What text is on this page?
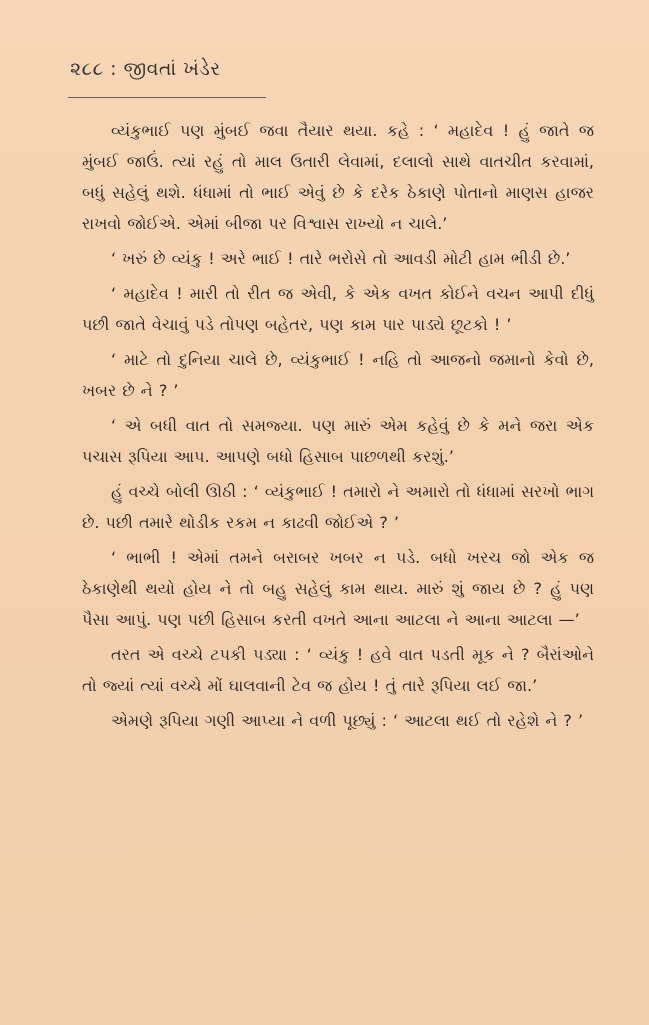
૨૮૮ : જીવતાં ખંડેર

વ્યંકુભાઈ પણ મુંબઈ જવા તૈયાર થયા. કહે : ‘ મહાદેવ ! હું જાતે જ મુંબઈ જાઉં. ત્યાં રહું તો માલ ઉતારી લેવામાં, દલાલો સાથે વાતચીત કરવામાં, બધું સહેલું થશે. ધંધામાં તો ભાઈ એવું છે કે દરેક ઠેકાણે પોતાનો માણસ હાજર રાખવો જોઈએ. એમાં બીજા પર વિશ્વાસ રાખ્યો ન ચાલે.’

‘ ખરું છે વ્યંકુ ! અરે ભાઈ ! તારે ભરોસે તો આવડી મોટી હામ ભીડી છે.’

‘ મહાદેવ ! મારી તો રીત જ એવી, કે એક વખત કોઈને વચન આપી દીધું પછી જાતે વેચાવું પડે તોપણ બહેતર, પણ કામ પાર પાડ્યે છૂટકો ! ’

‘ માટે તો દુનિયા ચાલે છે, વ્યંકુભાઈ ! નહિ તો આજનો જમાનો કેવો છે, ખબર છે ને ? ’

‘ એ બધી વાત તો સમજ્યા. પણ મારું એમ કહેવું છે કે મને જરા એક પચાસ રૂપિયા આપ. આપણે બધો હિસાબ પાછળથી કરશું.’

હું વચ્ચે બોલી ઊઠી : ‘ વ્યંકુભાઈ ! તમારો ને અમારો તો ધંધામાં સરખો ભાગ છે. પછી તમારે થોડીક રકમ ન કાઢવી જોઈએ ? ’

‘ ભાભી ! એમાં તમને બરાબર ખબર ન પડે. બધો ખરચ જો એક જ ઠેકાણેથી થયો હોય ને તો બહુ સહેલું કામ થાય. મારું શું જાય છે ? હું પણ પૈસા આપું. પણ પછી હિસાબ કરતી વખતે આના આટલા ને આના આટલા —’

તરત એ વચ્ચે ટપકી પડ્યા : ‘ વ્યંકુ ! હવે વાત પડતી મૂક ને ? બૈરાંઓને તો જ્યાં ત્યાં વચ્ચે મોં ઘાલવાની ટેવ જ હોય ! તું તારે રૂપિયા લઈ જા.’

એમણે રૂપિયા ગણી આપ્યા ને વળી પૂછ્યું : ‘ આટલા થઈ તો રહેશે ને ? ’
